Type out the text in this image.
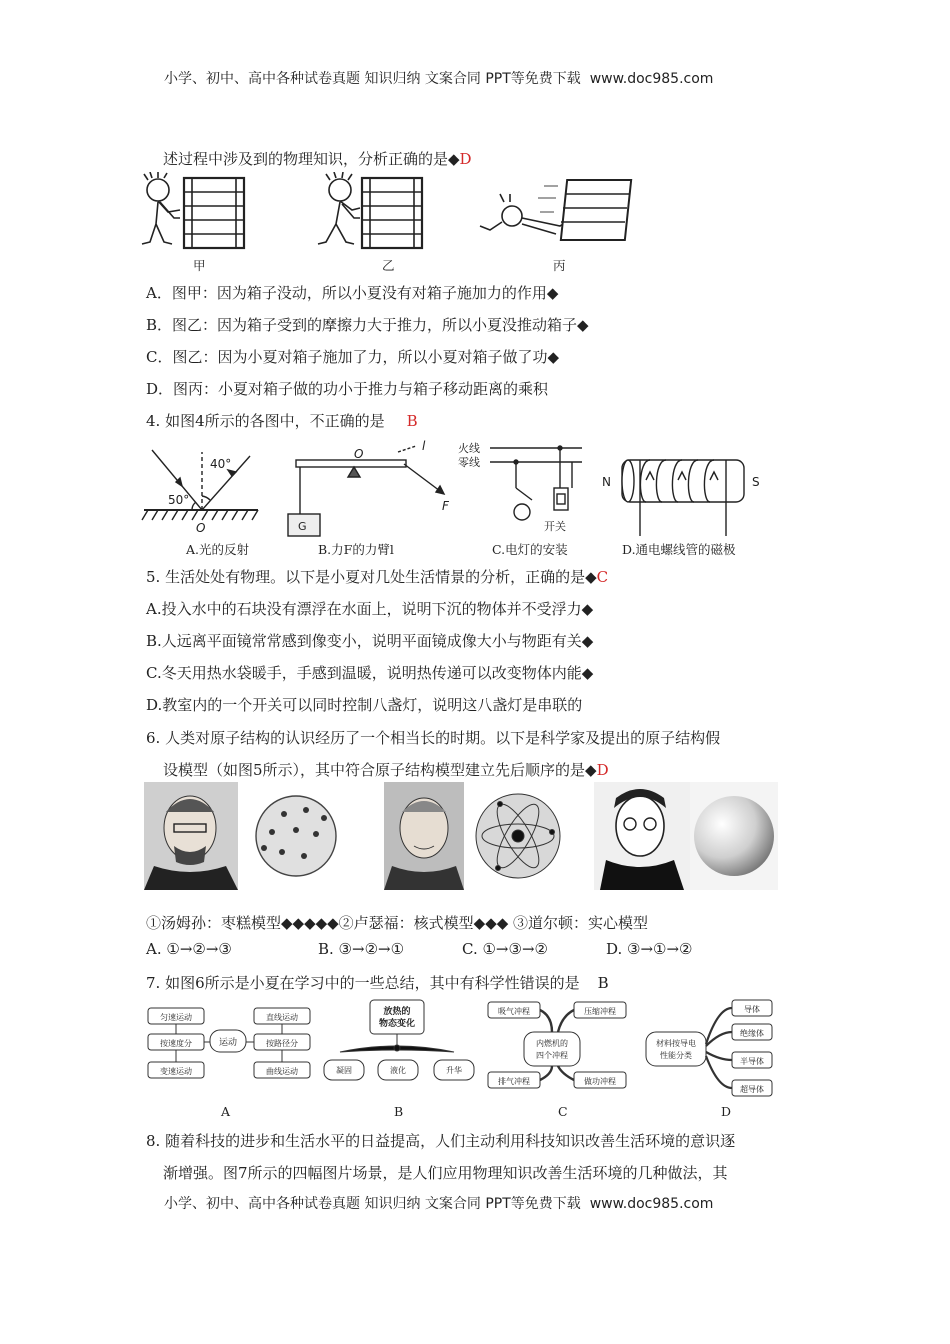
小学、初中、高中各种试卷真题 知识归纳 文案合同 PPT等免费下载 www.doc985.com
述过程中涉及到的物理知识，分析正确的是◆D
甲	乙	丙
A．图甲：因为箱子没动，所以小夏没有对箱子施加力的作用◆
B．图乙：因为箱子受到的摩擦力大于推力，所以小夏没推动箱子◆
C．图乙：因为小夏对箱子施加了力，所以小夏对箱子做了功◆
D．图丙：小夏对箱子做的功小于推力与箱子移动距离的乘积
4. 如图4所示的各图中，不正确的是 B
40°
50°
O
O
l
F
G
火线
零线
开关
N	S
A.光的反射	B.力F的力臂l	C.电灯的安装	D.通电螺线管的磁极
5. 生活处处有物理。以下是小夏对几处生活情景的分析，正确的是◆C
A.投入水中的石块没有漂浮在水面上，说明下沉的物体并不受浮力◆
B.人远离平面镜常常感到像变小，说明平面镜成像大小与物距有关◆
C.冬天用热水袋暖手，手感到温暖，说明热传递可以改变物体内能◆
D.教室内的一个开关可以同时控制八盏灯，说明这八盏灯是串联的
6. 人类对原子结构的认识经历了一个相当长的时期。以下是科学家及提出的原子结构假
设模型（如图5所示），其中符合原子结构模型建立先后顺序的是◆D
①汤姆孙：枣糕模型◆◆◆◆◆②卢瑟福：核式模型◆◆◆ ③道尔顿：实心模型
A. ①→②→③	B. ③→②→①	C. ①→③→②	D. ③→①→②
7. 如图6所示是小夏在学习中的一些总结，其中有科学性错误的是 B
运动
按速度分
匀速运动
变速运动
按路径分
直线运动
曲线运动
放热的
物态变化
凝固	液化	升华
内燃机的
四个冲程
吸气冲程	压缩冲程
排气冲程	做功冲程
材料按导电
性能分类
导体
绝缘体
半导体
超导体
A	B	C	D
8. 随着科技的进步和生活水平的日益提高，人们主动利用科技知识改善生活环境的意识逐
渐增强。图7所示的四幅图片场景，是人们应用物理知识改善生活环境的几种做法，其
小学、初中、高中各种试卷真题 知识归纳 文案合同 PPT等免费下载 www.doc985.com
